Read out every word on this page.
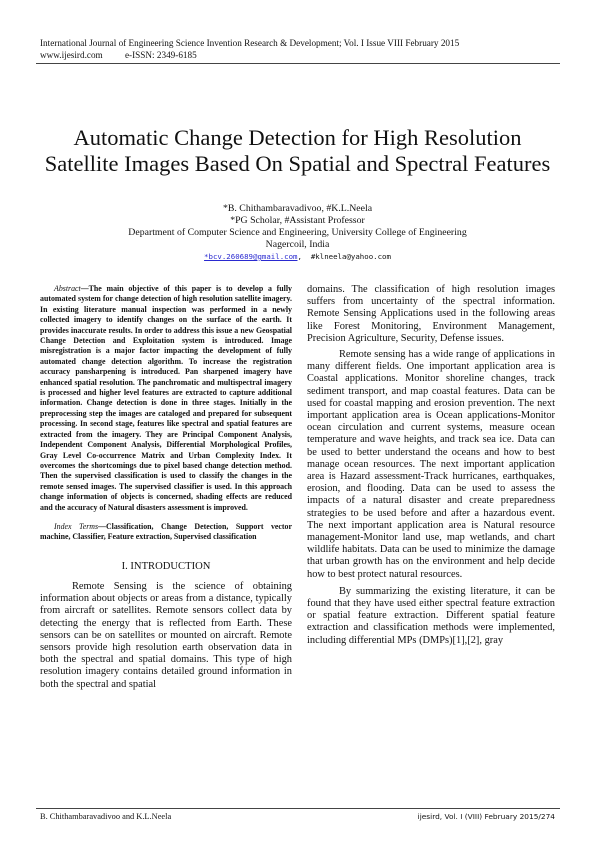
International Journal of Engineering Science Invention Research & Development; Vol. I Issue VIII February 2015
www.ijesird.com e-ISSN: 2349-6185
Automatic Change Detection for High Resolution Satellite Images Based On Spatial and Spectral Features
*B. Chithambaravadivoo, #K.L.Neela
*PG Scholar, #Assistant Professor
Department of Computer Science and Engineering, University College of Engineering
Nagercoil, India
*bcv.260689@gmail.com, #klneela@yahoo.com

Abstract—The main objective of this paper is to develop a fully automated system for change detection of high resolution satellite imagery. In existing literature manual inspection was performed in a newly collected imagery to identify changes on the surface of the earth. It provides inaccurate results. In order to address this issue a new Geospatial Change Detection and Exploitation system is introduced. Image misregistration is a major factor impacting the development of fully automated change detection algorithm. To increase the registration accuracy pansharpening is introduced. Pan sharpened imagery have enhanced spatial resolution. The panchromatic and multispectral imagery is processed and higher level features are extracted to capture additional information. Change detection is done in three stages. Initially in the preprocessing step the images are cataloged and prepared for subsequent processing. In second stage, features like spectral and spatial features are extracted from the imagery. They are Principal Component Analysis, Independent Component Analysis, Differential Morphological Profiles, Gray Level Co-occurrence Matrix and Urban Complexity Index. It overcomes the shortcomings due to pixel based change detection method. Then the supervised classification is used to classify the changes in the remote sensed images. The supervised classifier is used. In this approach change information of objects is concerned, shading effects are reduced and the accuracy of Natural disasters assessment is improved.

Index Terms—Classification, Change Detection, Support vector machine, Classifier, Feature extraction, Supervised classification

I. INTRODUCTION

Remote Sensing is the science of obtaining information about objects or areas from a distance, typically from aircraft or satellites. Remote sensors collect data by detecting the energy that is reflected from Earth. These sensors can be on satellites or mounted on aircraft. Remote sensors provide high resolution earth observation data in both the spectral and spatial domains. This type of high resolution imagery contains detailed ground information in both the spectral and spatial

domains. The classification of high resolution images suffers from uncertainty of the spectral information. Remote Sensing Applications used in the following areas like Forest Monitoring, Environment Management, Precision Agriculture, Security, Defense issues.

Remote sensing has a wide range of applications in many different fields. One important application area is Coastal applications. Monitor shoreline changes, track sediment transport, and map coastal features. Data can be used for coastal mapping and erosion prevention. The next important application area is Ocean applications-Monitor ocean circulation and current systems, measure ocean temperature and wave heights, and track sea ice. Data can be used to better understand the oceans and how to best manage ocean resources. The next important application area is Hazard assessment-Track hurricanes, earthquakes, erosion, and flooding. Data can be used to assess the impacts of a natural disaster and create preparedness strategies to be used before and after a hazardous event. The next important application area is Natural resource management-Monitor land use, map wetlands, and chart wildlife habitats. Data can be used to minimize the damage that urban growth has on the environment and help decide how to best protect natural resources.

By summarizing the existing literature, it can be found that they have used either spectral feature extraction or spatial feature extraction. Different spatial feature extraction and classification methods were implemented, including differential MPs (DMPs)[1],[2], gray

B. Chithambaravadivoo and K.L.Neela	ijesird, Vol. I (VIII) February 2015/274
